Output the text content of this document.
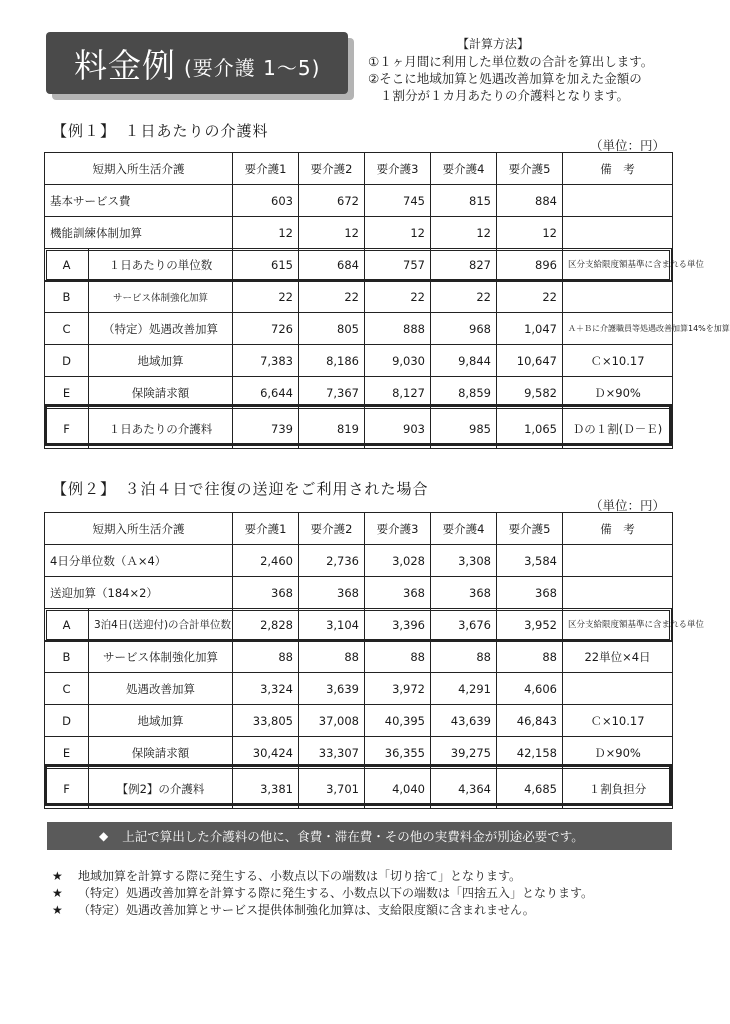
料金例 (要介護 1～5)
【計算方法】
①１ヶ月間に利用した単位数の合計を算出します。
②そこに地域加算と処遇改善加算を加えた金額の
１割分が１カ月あたりの介護料となります。
【例１】　１日あたりの介護料
（単位：円）
短期入所生活介護		要介護1	要介護2	要介護3	要介護4	要介護5	備　考
基本サービス費		603	672	745	815	884	
機能訓練体制加算		12	12	12	12	12	
A	１日あたりの単位数	615	684	757	827	896	区分支給限度額基準に含まれる単位
B	サービス体制強化加算	22	22	22	22	22	
C	（特定）処遇改善加算	726	805	888	968	1,047	Ａ＋Ｂに介護職員等処遇改善加算14%を加算
D	地域加算	7,383	8,186	9,030	9,844	10,647	Ｃ×10.17
E	保険請求額	6,644	7,367	8,127	8,859	9,582	Ｄ×90%
F	１日あたりの介護料	739	819	903	985	1,065	Ｄの１割(Ｄ－Ｅ)
【例２】　３泊４日で往復の送迎をご利用された場合
（単位：円）
短期入所生活介護		要介護1	要介護2	要介護3	要介護4	要介護5	備　考
4日分単位数（Ａ×4）		2,460	2,736	3,028	3,308	3,584	
送迎加算（184×2）		368	368	368	368	368	
A	3泊4日(送迎付)の合計単位数	2,828	3,104	3,396	3,676	3,952	区分支給限度額基準に含まれる単位
B	サービス体制強化加算	88	88	88	88	88	22単位×4日
C	処遇改善加算	3,324	3,639	3,972	4,291	4,606	
D	地域加算	33,805	37,008	40,395	43,639	46,843	Ｃ×10.17
E	保険請求額	30,424	33,307	36,355	39,275	42,158	Ｄ×90%
F	【例2】の介護料	3,381	3,701	4,040	4,364	4,685	１割負担分
◆ 上記で算出した介護料の他に、食費・滞在費・その他の実費料金が別途必要です。
★ 地域加算を計算する際に発生する、小数点以下の端数は「切り捨て」となります。
★ （特定）処遇改善加算を計算する際に発生する、小数点以下の端数は「四捨五入」となります。
★ （特定）処遇改善加算とサービス提供体制強化加算は、支給限度額に含まれません。
